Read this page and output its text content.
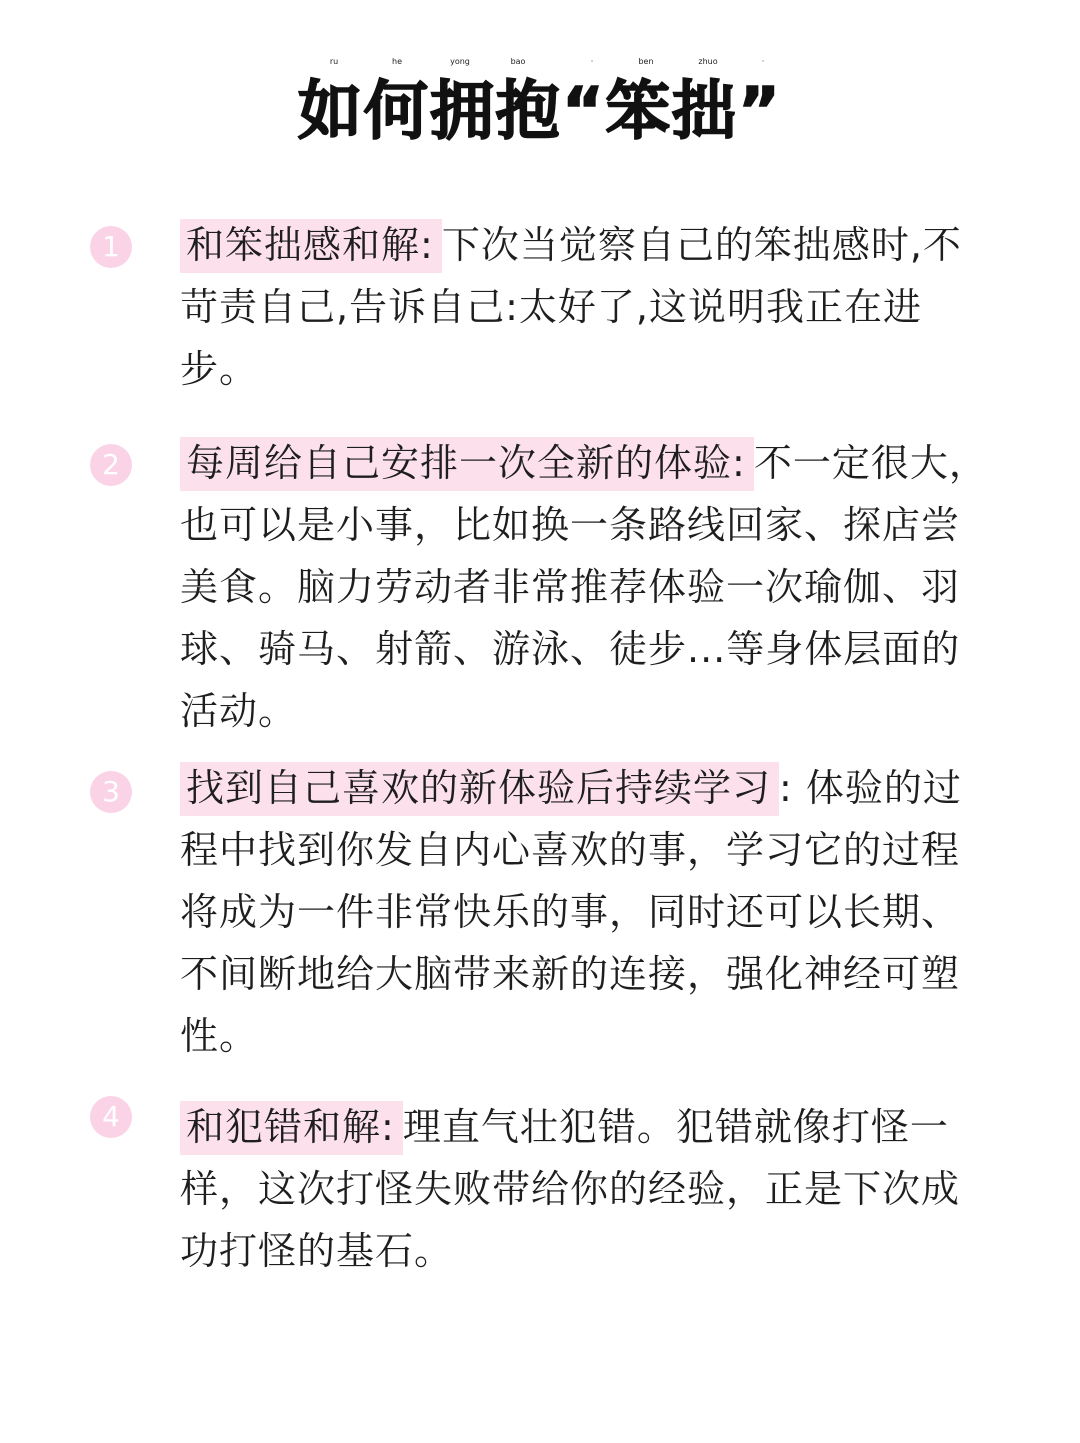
ru	he	yong	bao	·	ben	zhuo	·
如何拥抱“笨拙”
1	和笨拙感和解: 下次当觉察自己的笨拙感时,不苛责自己,告诉自己:太好了,这说明我正在进步。
2	每周给自己安排一次全新的体验: 不一定很大，也可以是小事，比如换一条路线回家、探店尝美食。脑力劳动者非常推荐体验一次瑜伽、羽球、骑马、射箭、游泳、徒步...等身体层面的活动。
3	找到自己喜欢的新体验后持续学习 : 体验的过程中找到你发自内心喜欢的事，学习它的过程将成为一件非常快乐的事，同时还可以长期、不间断地给大脑带来新的连接，强化神经可塑性。
4	和犯错和解: 理直气壮犯错。犯错就像打怪一样，这次打怪失败带给你的经验，正是下次成功打怪的基石。
